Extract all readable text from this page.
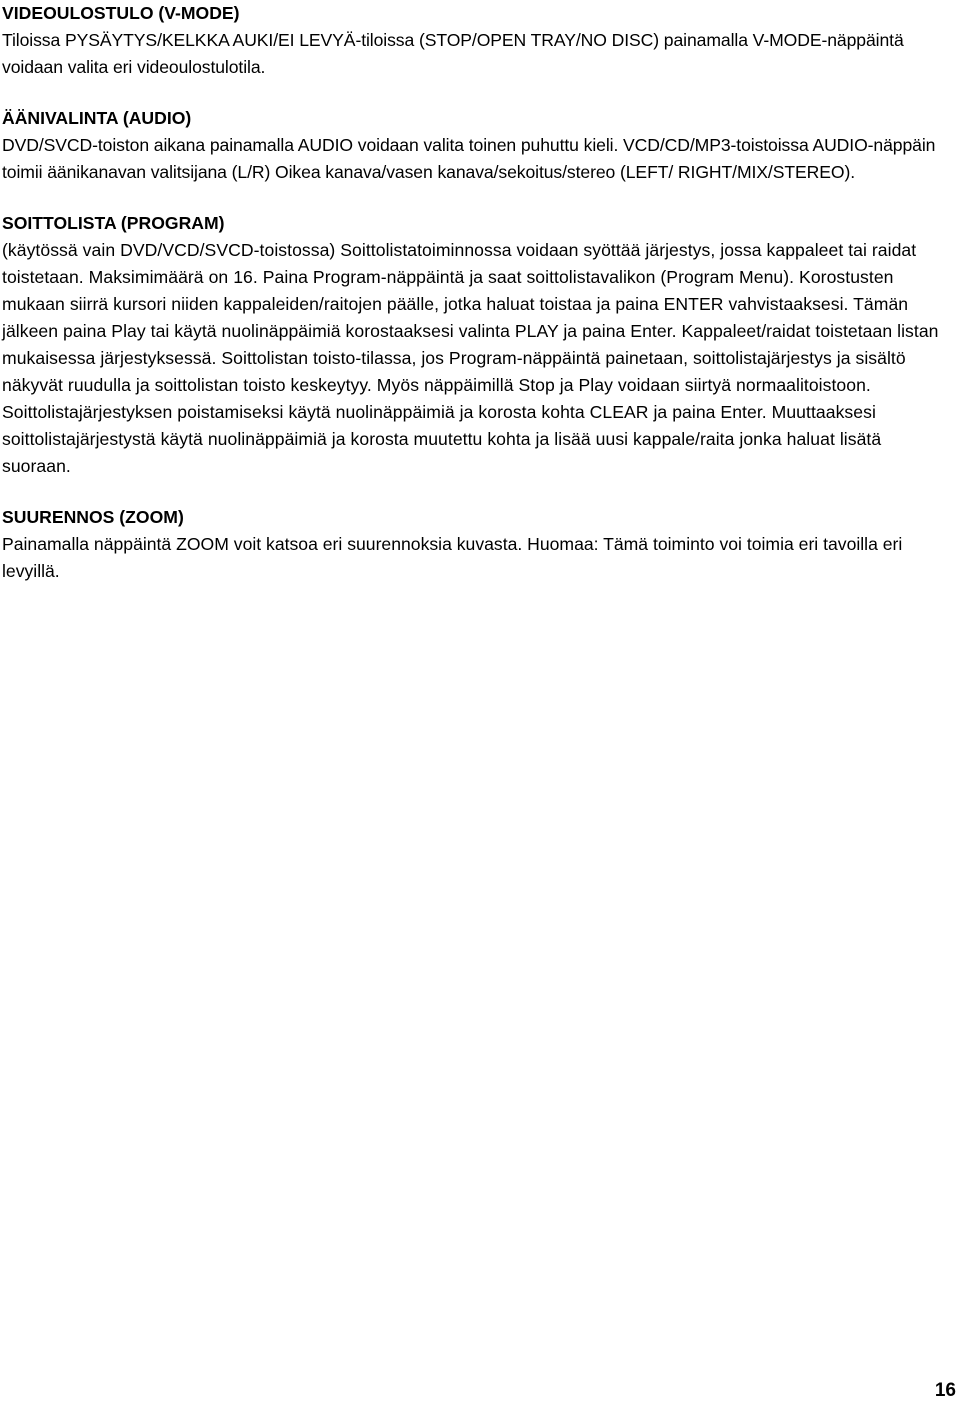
VIDEOULOSTULO (V-MODE)

Tiloissa PYSÄYTYS/KELKKA AUKI/EI LEVYÄ-tiloissa (STOP/OPEN TRAY/NO DISC) painamalla V-MODE-näppäintä voidaan valita eri videoulostulotila.

ÄÄNIVALINTA (AUDIO)

DVD/SVCD-toiston aikana painamalla AUDIO voidaan valita toinen puhuttu kieli. VCD/CD/MP3-toistoissa AUDIO-näppäin toimii äänikanavan valitsijana (L/R) Oikea kanava/vasen kanava/sekoitus/stereo (LEFT/ RIGHT/MIX/STEREO).

SOITTOLISTA (PROGRAM)

(käytössä vain DVD/VCD/SVCD-toistossa) Soittolistatoiminnossa voidaan syöttää järjestys, jossa kappaleet tai raidat toistetaan. Maksimimäärä on 16. Paina Program-näppäintä ja saat soittolistavalikon (Program Menu). Korostusten mukaan siirrä kursori niiden kappaleiden/raitojen päälle, jotka haluat toistaa ja paina ENTER vahvistaaksesi. Tämän jälkeen paina Play tai käytä nuolinäppäimiä korostaaksesi valinta PLAY ja paina Enter. Kappaleet/raidat toistetaan listan mukaisessa järjestyksessä. Soittolistan toisto-tilassa, jos Program-näppäintä painetaan, soittolistajärjestys ja sisältö näkyvät ruudulla ja soittolistan toisto keskeytyy. Myös näppäimillä Stop ja Play voidaan siirtyä normaalitoistoon. Soittolistajärjestyksen poistamiseksi käytä nuolinäppäimiä ja korosta kohta CLEAR ja paina Enter. Muuttaaksesi soittolistajärjestystä käytä nuolinäppäimiä ja korosta muutettu kohta ja lisää uusi kappale/raita jonka haluat lisätä suoraan.

SUURENNOS (ZOOM)

Painamalla näppäintä ZOOM voit katsoa eri suurennoksia kuvasta. Huomaa: Tämä toiminto voi toimia eri tavoilla eri levyillä.

16
